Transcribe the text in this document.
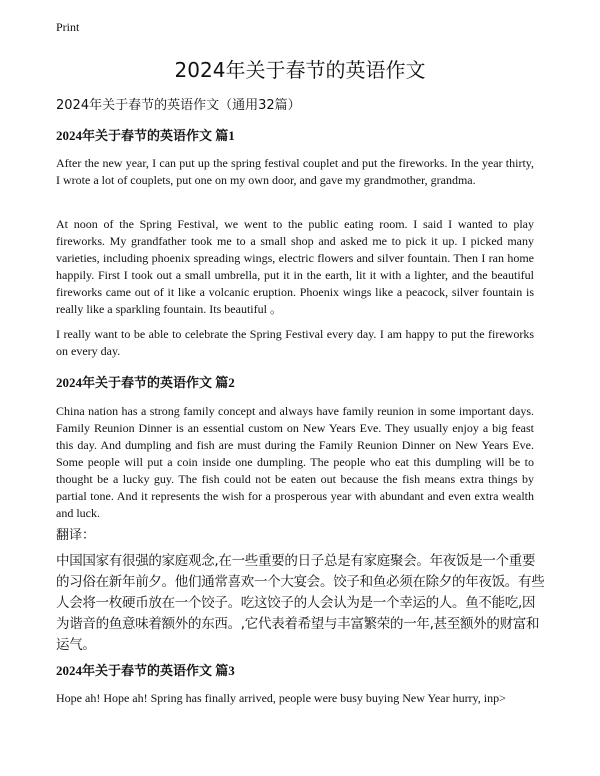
Print
2024年关于春节的英语作文
2024年关于春节的英语作文（通用32篇）
2024年关于春节的英语作文 篇1

After the new year, I can put up the spring festival couplet and put the fireworks. In the year thirty, I wrote a lot of couplets, put one on my own door, and gave my grandmother, grandma.

At noon of the Spring Festival, we went to the public eating room. I said I wanted to play fireworks. My grandfather took me to a small shop and asked me to pick it up. I picked many varieties, including phoenix spreading wings, electric flowers and silver fountain. Then I ran home happily. First I took out a small umbrella, put it in the earth, lit it with a lighter, and the beautiful fireworks came out of it like a volcanic eruption. Phoenix wings like a peacock, silver fountain is really like a sparkling fountain. Its beautiful 。

I really want to be able to celebrate the Spring Festival every day. I am happy to put the fireworks on every day.

2024年关于春节的英语作文 篇2

China nation has a strong family concept and always have family reunion in some important days. Family Reunion Dinner is an essential custom on New Years Eve. They usually enjoy a big feast this day. And dumpling and fish are must during the Family Reunion Dinner on New Years Eve. Some people will put a coin inside one dumpling. The people who eat this dumpling will be to thought be a lucky guy. The fish could not be eaten out because the fish means extra things by partial tone. And it represents the wish for a prosperous year with abundant and even extra wealth and luck.

翻译：

中国国家有很强的家庭观念,在一些重要的日子总是有家庭聚会。年夜饭是一个重要的习俗在新年前夕。他们通常喜欢一个大宴会。饺子和鱼必须在除夕的年夜饭。有些人会将一枚硬币放在一个饺子。吃这饺子的人会认为是一个幸运的人。鱼不能吃,因为谐音的鱼意味着额外的东西。,它代表着希望与丰富繁荣的一年,甚至额外的财富和运气。

2024年关于春节的英语作文 篇3

Hope ah! Hope ah! Spring has finally arrived, people were busy buying New Year hurry, inp>
